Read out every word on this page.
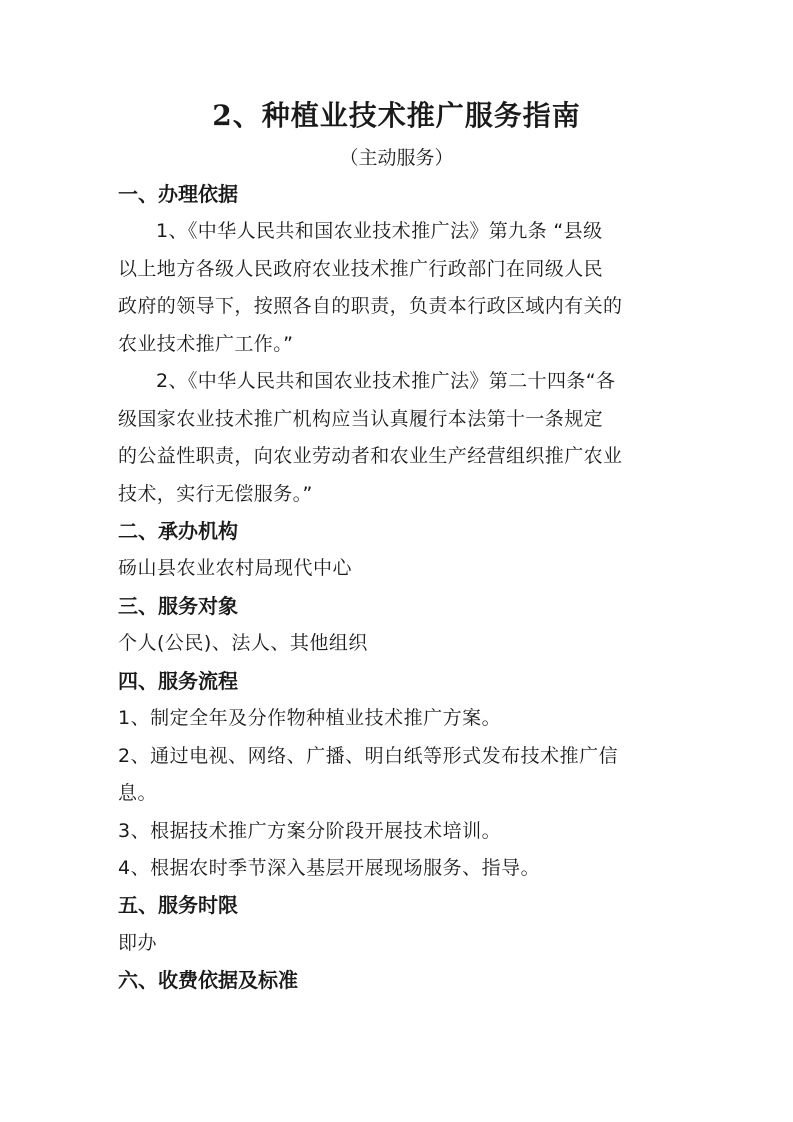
2、种植业技术推广服务指南
（主动服务）
一、办理依据
1、《中华人民共和国农业技术推广法》第九条 “县级
以上地方各级人民政府农业技术推广行政部门在同级人民
政府的领导下，按照各自的职责，负责本行政区域内有关的
农业技术推广工作。”
2、《中华人民共和国农业技术推广法》第二十四条“各
级国家农业技术推广机构应当认真履行本法第十一条规定
的公益性职责，向农业劳动者和农业生产经营组织推广农业
技术，实行无偿服务。”
二、承办机构
砀山县农业农村局现代中心
三、服务对象
个人(公民)、法人、其他组织
四、服务流程
1、制定全年及分作物种植业技术推广方案。
2、通过电视、网络、广播、明白纸等形式发布技术推广信
息。
3、根据技术推广方案分阶段开展技术培训。
4、根据农时季节深入基层开展现场服务、指导。
五、服务时限
即办
六、收费依据及标准
